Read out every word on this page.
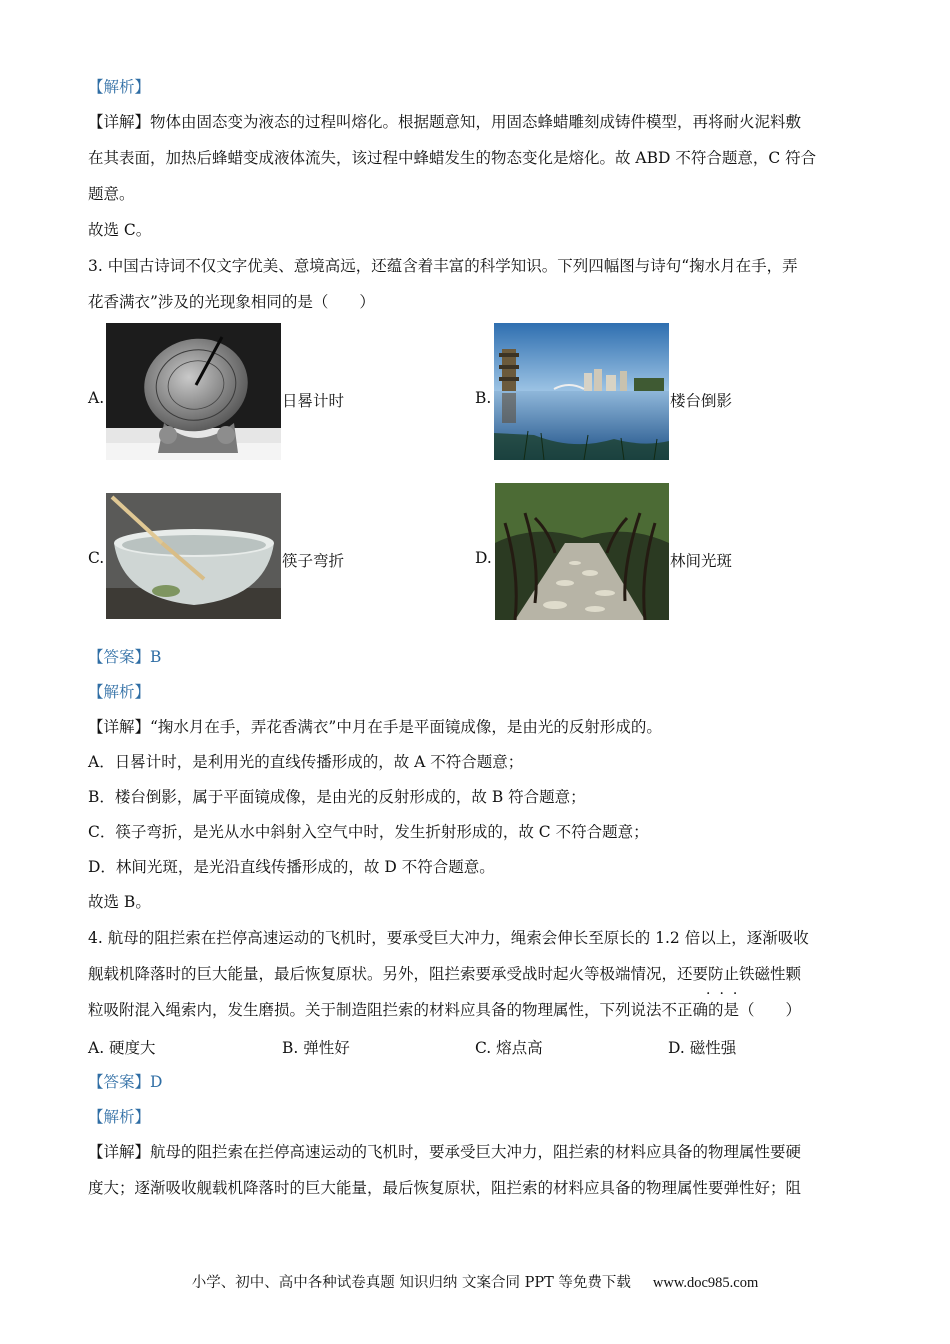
【解析】
【详解】物体由固态变为液态的过程叫熔化。根据题意知，用固态蜂蜡雕刻成铸件模型，再将耐火泥料敷
在其表面，加热后蜂蜡变成液体流失，该过程中蜂蜡发生的物态变化是熔化。故 ABD 不符合题意，C 符合
题意。
故选 C。
3. 中国古诗词不仅文字优美、意境高远，还蕴含着丰富的科学知识。下列四幅图与诗句“掬水月在手，弄
花香满衣”涉及的光现象相同的是（　　）
A.	日晷计时	B.	楼台倒影
C.	筷子弯折	D.	林间光斑
【答案】B
【解析】
【详解】“掬水月在手，弄花香满衣”中月在手是平面镜成像，是由光的反射形成的。
A．日晷计时，是利用光的直线传播形成的，故 A 不符合题意；
B．楼台倒影，属于平面镜成像，是由光的反射形成的，故 B 符合题意；
C．筷子弯折，是光从水中斜射入空气中时，发生折射形成的，故 C 不符合题意；
D．林间光斑，是光沿直线传播形成的，故 D 不符合题意。
故选 B。
4. 航母的阻拦索在拦停高速运动的飞机时，要承受巨大冲力，绳索会伸长至原长的 1.2 倍以上，逐渐吸收
舰载机降落时的巨大能量，最后恢复原状。另外，阻拦索要承受战时起火等极端情况，还要防止铁磁性颗
粒吸附混入绳索内，发生磨损。关于制造阻拦索的材料应具备的物理属性，下列说法不正确的是（　　）
···
A. 硬度大	B. 弹性好	C. 熔点高	D. 磁性强
【答案】D
【解析】
【详解】航母的阻拦索在拦停高速运动的飞机时，要承受巨大冲力，阻拦索的材料应具备的物理属性要硬
度大；逐渐吸收舰载机降落时的巨大能量，最后恢复原状，阻拦索的材料应具备的物理属性要弹性好；阻
小学、初中、高中各种试卷真题 知识归纳 文案合同 PPT 等免费下载 www.doc985.com
